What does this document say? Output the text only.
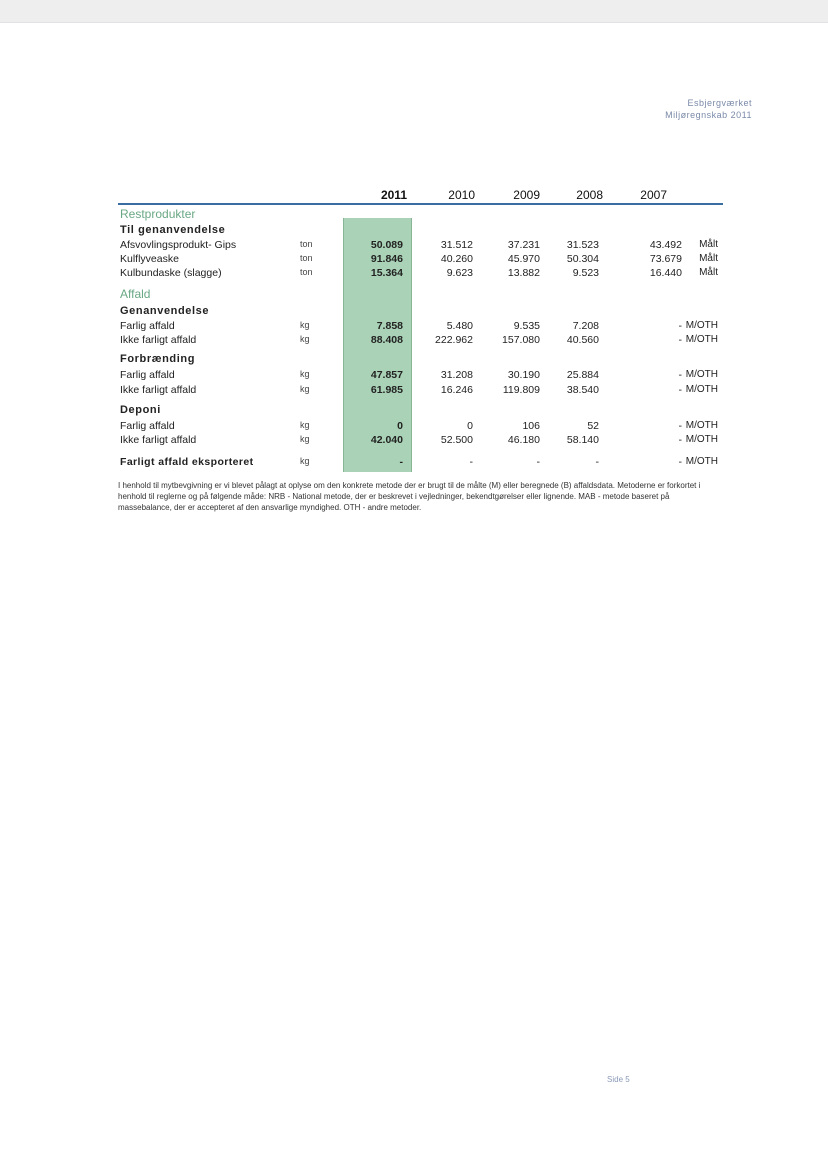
Esbjergværket
Miljøregnskab 2011
2011	2010	2009	2008	2007
Restprodukter
Til genanvendelse
Afsvovlingsprodukt- Gips	ton	50.089	31.512	37.231	31.523	43.492	Målt
Kulflyveaske	ton	91.846	40.260	45.970	50.304	73.679	Målt
Kulbundaske (slagge)	ton	15.364	9.623	13.882	9.523	16.440	Målt
Affald
Genanvendelse
Farlig affald	kg	7.858	5.480	9.535	7.208	- M/OTH
Ikke farligt affald	kg	88.408	222.962	157.080	40.560	- M/OTH
Forbrænding
Farlig affald	kg	47.857	31.208	30.190	25.884	- M/OTH
Ikke farligt affald	kg	61.985	16.246	119.809	38.540	- M/OTH
Deponi
Farlig affald	kg	0	0	106	52	- M/OTH
Ikke farligt affald	kg	42.040	52.500	46.180	58.140	- M/OTH
Farligt affald eksporteret	kg	-	-	-	-	- M/OTH
I henhold til mytbevgivning er vi blevet pålagt at oplyse om den konkrete metode der er brugt til de målte (M) eller beregnede (B) affaldsdata. Metoderne er forkortet i henhold til reglerne og på følgende måde: NRB - National metode, der er beskrevet i vejledninger, bekendtgørelser eller lignende. MAB - metode baseret på massebalance, der er accepteret af den ansvarlige myndighed. OTH - andre metoder.
Side 5
